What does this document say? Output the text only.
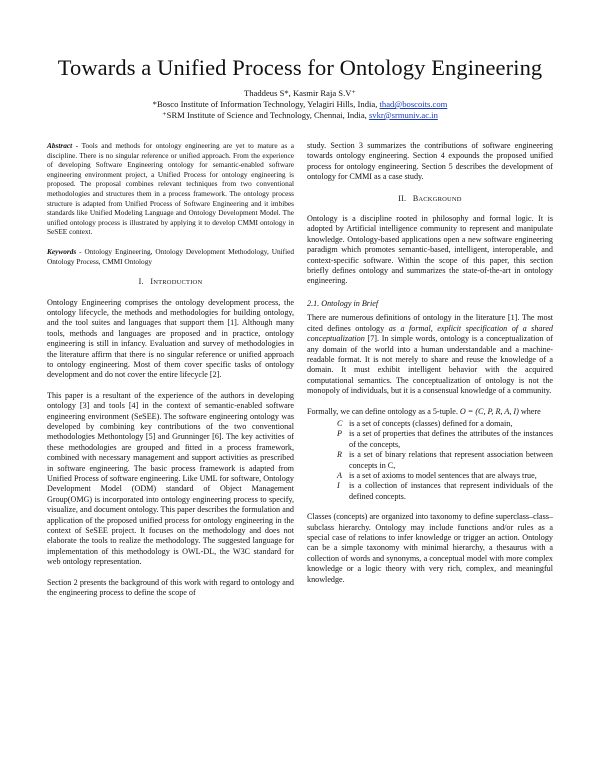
Towards a Unified Process for Ontology Engineering
Thaddeus S*, Kasmir Raja S.V⁺
*Bosco Institute of Information Technology, Yelagiri Hills, India, thad@boscoits.com
⁺SRM Institute of Science and Technology, Chennai, India, svkr@srmuniv.ac.in

Abstract - Tools and methods for ontology engineering are yet to mature as a discipline. There is no singular reference or unified approach. From the experience of developing Software Engineering ontology for semantic-enabled software engineering environment project, a Unified Process for ontology engineering is proposed. The proposal combines relevant techniques from two conventional methodologies and structures them in a process framework. The ontology process structure is adapted from Unified Process of Software Engineering and it imbibes standards like Unified Modeling Language and Ontology Development Model. The unified ontology process is illustrated by applying it to develop CMMI ontology in SeSEE context.

Keywords - Ontology Engineering, Ontology Development Methodology, Unified Ontology Process, CMMI Ontology

I. INTRODUCTION

Ontology Engineering comprises the ontology development process, the ontology lifecycle, the methods and methodologies for building ontology, and the tool suites and languages that support them [1]. Although many tools, methods and languages are proposed and in practice, ontology engineering is still in infancy. Evaluation and survey of methodologies in the literature affirm that there is no singular reference or unified approach to ontology engineering. Most of them cover specific tasks of ontology development and do not cover the entire lifecycle [2].

This paper is a resultant of the experience of the authors in developing ontology [3] and tools [4] in the context of semantic-enabled software engineering environment (SeSEE). The software engineering ontology was developed by combining key contributions of the two conventional methodologies Methontology [5] and Grunninger [6]. The key activities of these methodologies are grouped and fitted in a process framework, combined with necessary management and support activities as prescribed in software engineering. The basic process framework is adapted from Unified Process of software engineering. Like UML for software, Ontology Development Model (ODM) standard of Object Management Group(OMG) is incorporated into ontology engineering process to specify, visualize, and document ontology. This paper describes the formulation and application of the proposed unified process for ontology engineering in the context of SeSEE project. It focuses on the methodology and does not elaborate the tools to realize the methodology. The suggested language for implementation of this methodology is OWL-DL, the W3C standard for web ontology representation.

Section 2 presents the background of this work with regard to ontology and the engineering process to define the scope of

study. Section 3 summarizes the contributions of software engineering towards ontology engineering. Section 4 expounds the proposed unified process for ontology engineering. Section 5 describes the development of ontology for CMMI as a case study.

II. BACKGROUND

Ontology is a discipline rooted in philosophy and formal logic. It is adopted by Artificial intelligence community to represent and manipulate knowledge. Ontology-based applications open a new software engineering paradigm which promotes semantic-based, intelligent, interoperable, and context-specific software. Within the scope of this paper, this section briefly defines ontology and summarizes the state-of-the-art in ontology engineering.

2.1. Ontology in Brief

There are numerous definitions of ontology in the literature [1]. The most cited defines ontology as a formal, explicit specification of a shared conceptualization [7]. In simple words, ontology is a conceptualization of any domain of the world into a human understandable and a machine-readable format. It is not merely to share and reuse the knowledge of a domain. It must exhibit intelligent behavior with the acquired computational semantics. The conceptualization of ontology is not the monopoly of individuals, but it is a consensual knowledge of a community.

Formally, we can define ontology as a 5-tuple. O = (C, P, R, A, I) where

C is a set of concepts (classes) defined for a domain,
P is a set of properties that defines the attributes of the instances of the concepts,
R is a set of binary relations that represent association between concepts in C,
A is a set of axioms to model sentences that are always true,
I	is a collection of instances that represent individuals of the defined concepts.

Classes (concepts) are organized into taxonomy to define superclass–class–subclass hierarchy. Ontology may include functions and/or rules as a special case of relations to infer knowledge or trigger an action. Ontology can be a simple taxonomy with minimal hierarchy, a thesaurus with a collection of words and synonyms, a conceptual model with more complex knowledge or a logic theory with very rich, complex, and meaningful knowledge.
